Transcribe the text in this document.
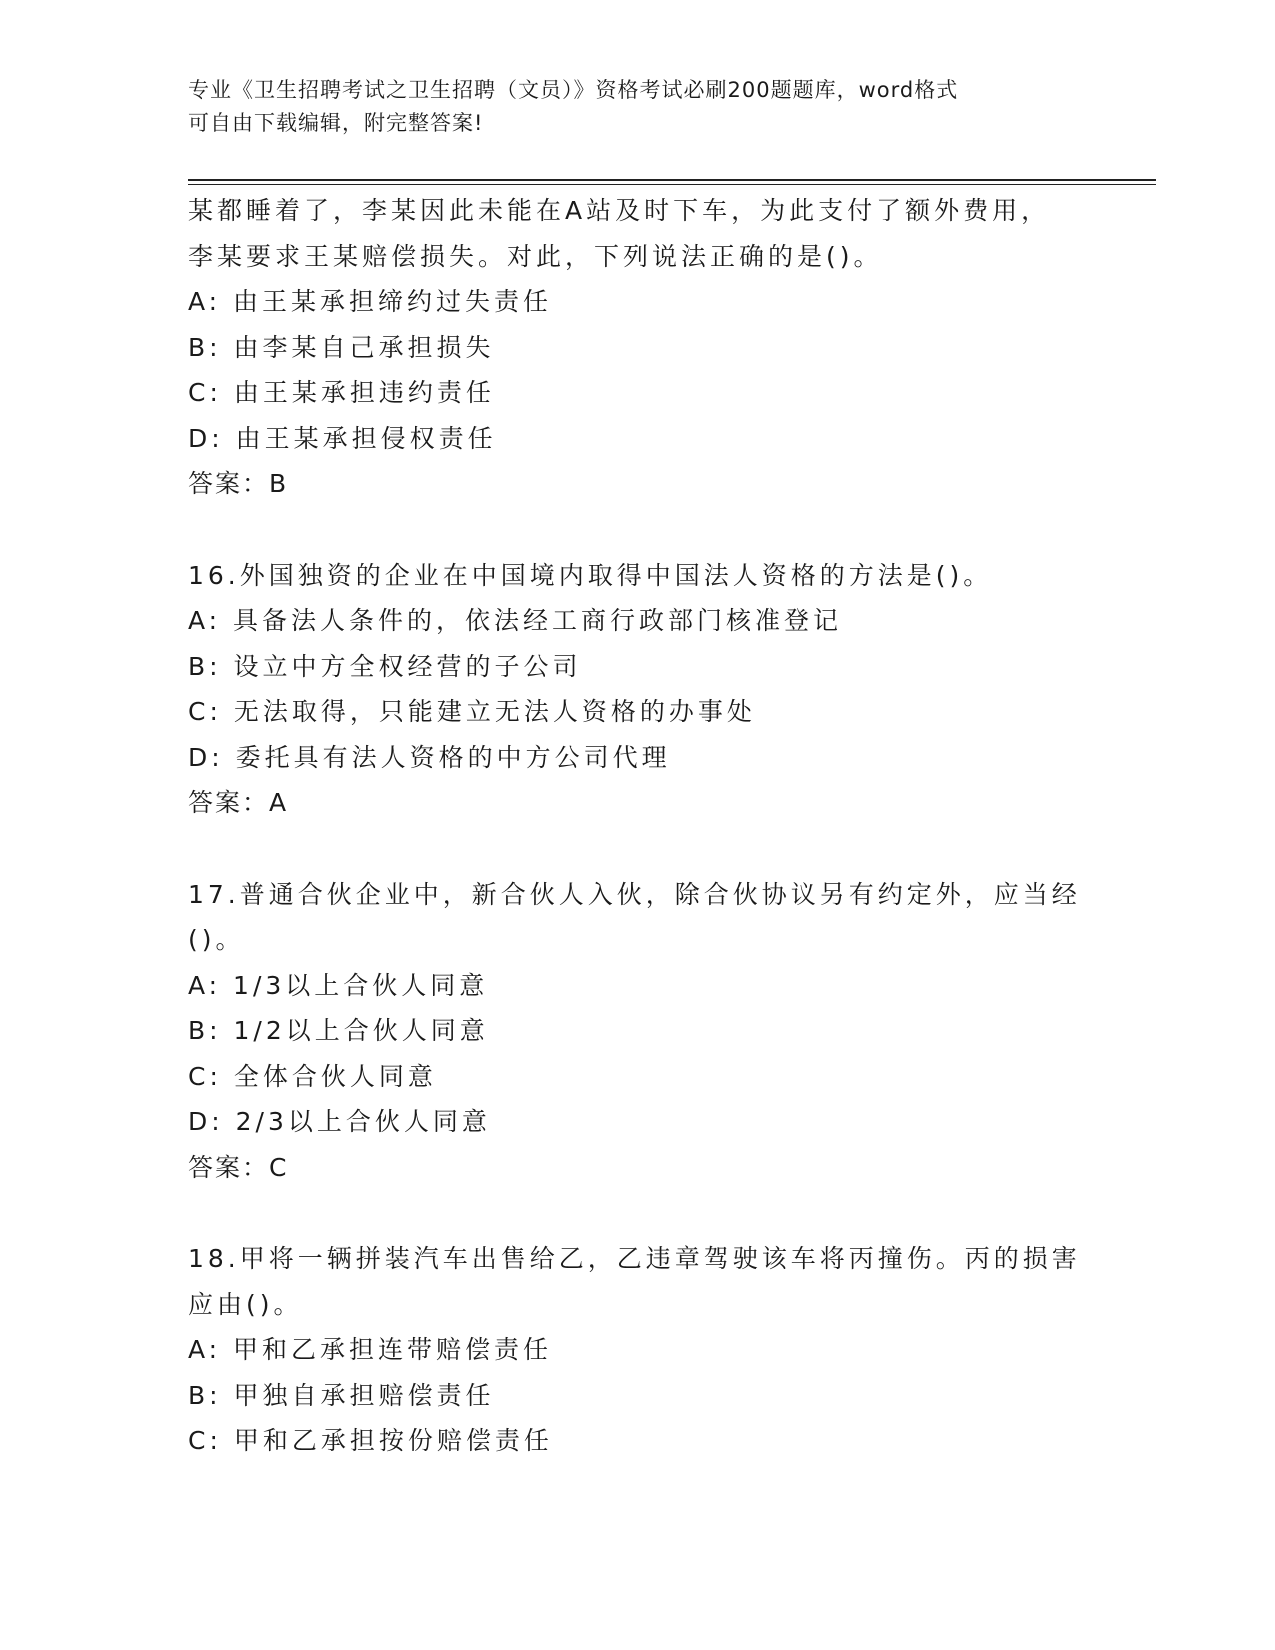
专业《卫生招聘考试之卫生招聘（文员）》资格考试必刷200题题库，word格式
可自由下载编辑，附完整答案!
某都睡着了，李某因此未能在A站及时下车，为此支付了额外费用，
李某要求王某赔偿损失。对此，下列说法正确的是()。
A: 由王某承担缔约过失责任
B: 由李某自己承担损失
C: 由王某承担违约责任
D: 由王某承担侵权责任
答案：B
16.外国独资的企业在中国境内取得中国法人资格的方法是()。
A: 具备法人条件的，依法经工商行政部门核准登记
B: 设立中方全权经营的子公司
C: 无法取得，只能建立无法人资格的办事处
D: 委托具有法人资格的中方公司代理
答案：A
17.普通合伙企业中，新合伙人入伙，除合伙协议另有约定外，应当经
()。
A: 1/3以上合伙人同意
B: 1/2以上合伙人同意
C: 全体合伙人同意
D: 2/3以上合伙人同意
答案：C
18.甲将一辆拼装汽车出售给乙，乙违章驾驶该车将丙撞伤。丙的损害
应由()。
A: 甲和乙承担连带赔偿责任
B: 甲独自承担赔偿责任
C: 甲和乙承担按份赔偿责任
